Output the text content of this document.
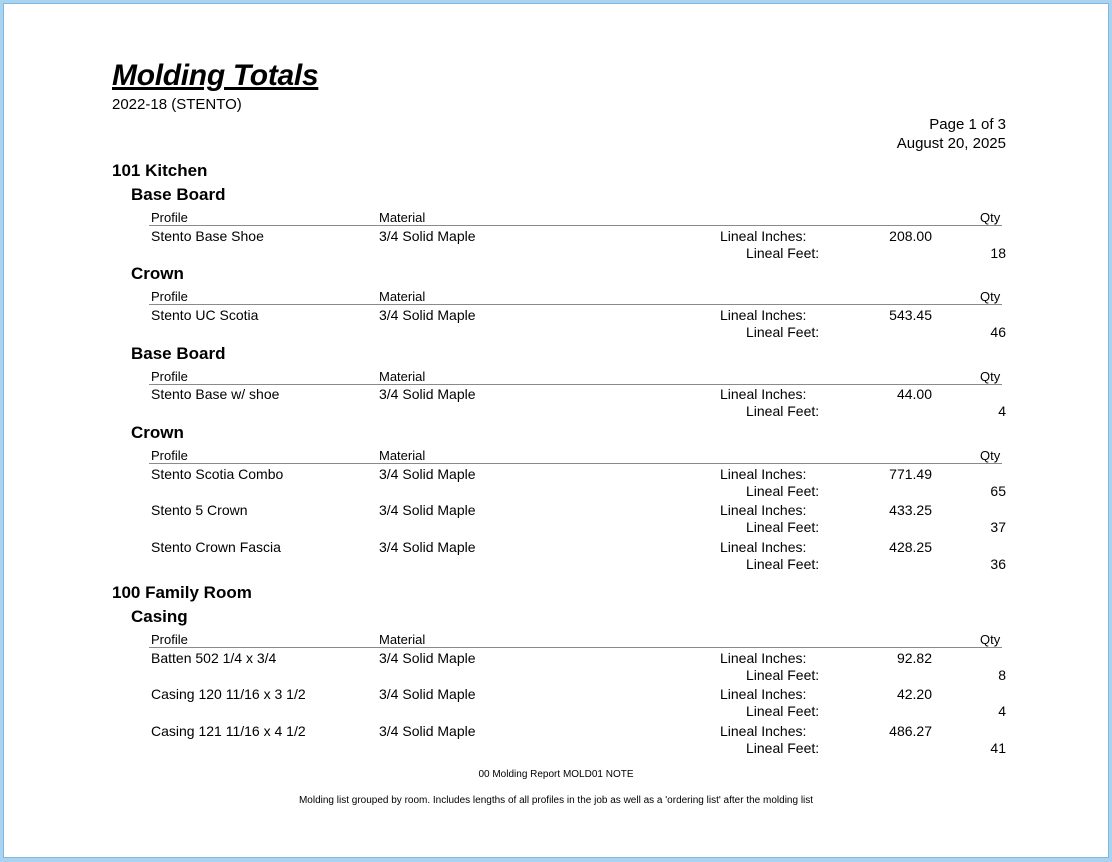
Molding Totals
2022-18 (STENTO)
Page 1 of 3
August 20, 2025
101 Kitchen
Base Board
Profile	Material	Qty
Stento Base Shoe	3/4 Solid Maple	Lineal Inches:	208.00
Lineal Feet:	18
Crown
Profile	Material	Qty
Stento UC Scotia	3/4 Solid Maple	Lineal Inches:	543.45
Lineal Feet:	46
Base Board
Profile	Material	Qty
Stento Base w/ shoe	3/4 Solid Maple	Lineal Inches:	44.00
Lineal Feet:	4
Crown
Profile	Material	Qty
Stento Scotia Combo	3/4 Solid Maple	Lineal Inches:	771.49
Lineal Feet:	65
Stento 5 Crown	3/4 Solid Maple	Lineal Inches:	433.25
Lineal Feet:	37
Stento Crown Fascia	3/4 Solid Maple	Lineal Inches:	428.25
Lineal Feet:	36
100 Family Room
Casing
Profile	Material	Qty
Batten 502 1/4 x 3/4	3/4 Solid Maple	Lineal Inches:	92.82
Lineal Feet:	8
Casing 120 11/16 x 3 1/2	3/4 Solid Maple	Lineal Inches:	42.20
Lineal Feet:	4
Casing 121 11/16 x 4 1/2	3/4 Solid Maple	Lineal Inches:	486.27
Lineal Feet:	41
00 Molding Report MOLD01 NOTE
Molding list grouped by room. Includes lengths of all profiles in the job as well as a 'ordering list' after the molding list
